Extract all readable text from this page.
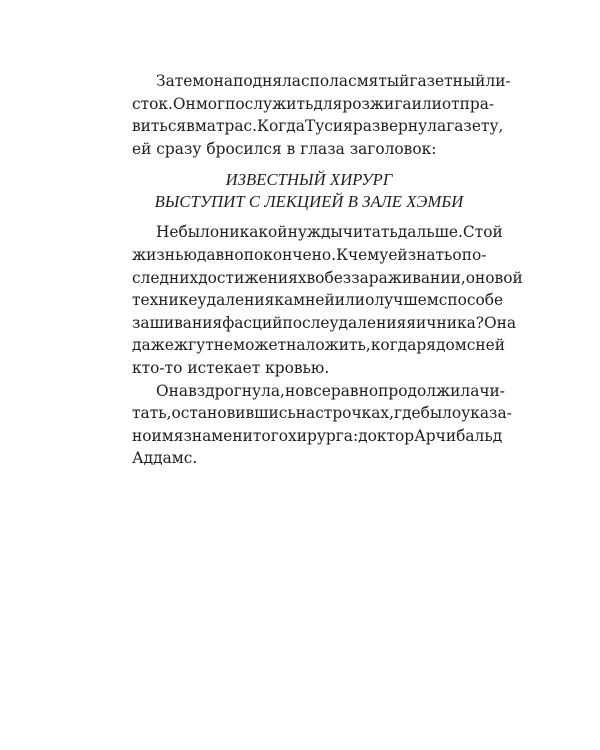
Затем она подняла с пола смятый газетный ли-
сток. Он мог послужить для розжига или отпра-
виться в матрас. Когда Тусия развернула газету,
ей сразу бросился в глаза заголовок:
ИЗВЕСТНЫЙ ХИРУРГ
ВЫСТУПИТ С ЛЕКЦИЕЙ В ЗАЛЕ ХЭМБИ
Не было никакой нужды читать дальше. С той
жизнью давно покончено. К чему ей знать о по-
следних достижениях в обеззараживании, о новой
технике удаления камней или о лучшем способе
зашивания фасций после удаления яичника? Она
даже жгут не может наложить, когда рядом с ней
кто-то истекает кровью.
Она вздрогнула, но все равно продолжила чи-
тать, остановившись на строчках, где было указа-
но имя знаменитого хирурга: доктор Арчибальд
Аддамс.
